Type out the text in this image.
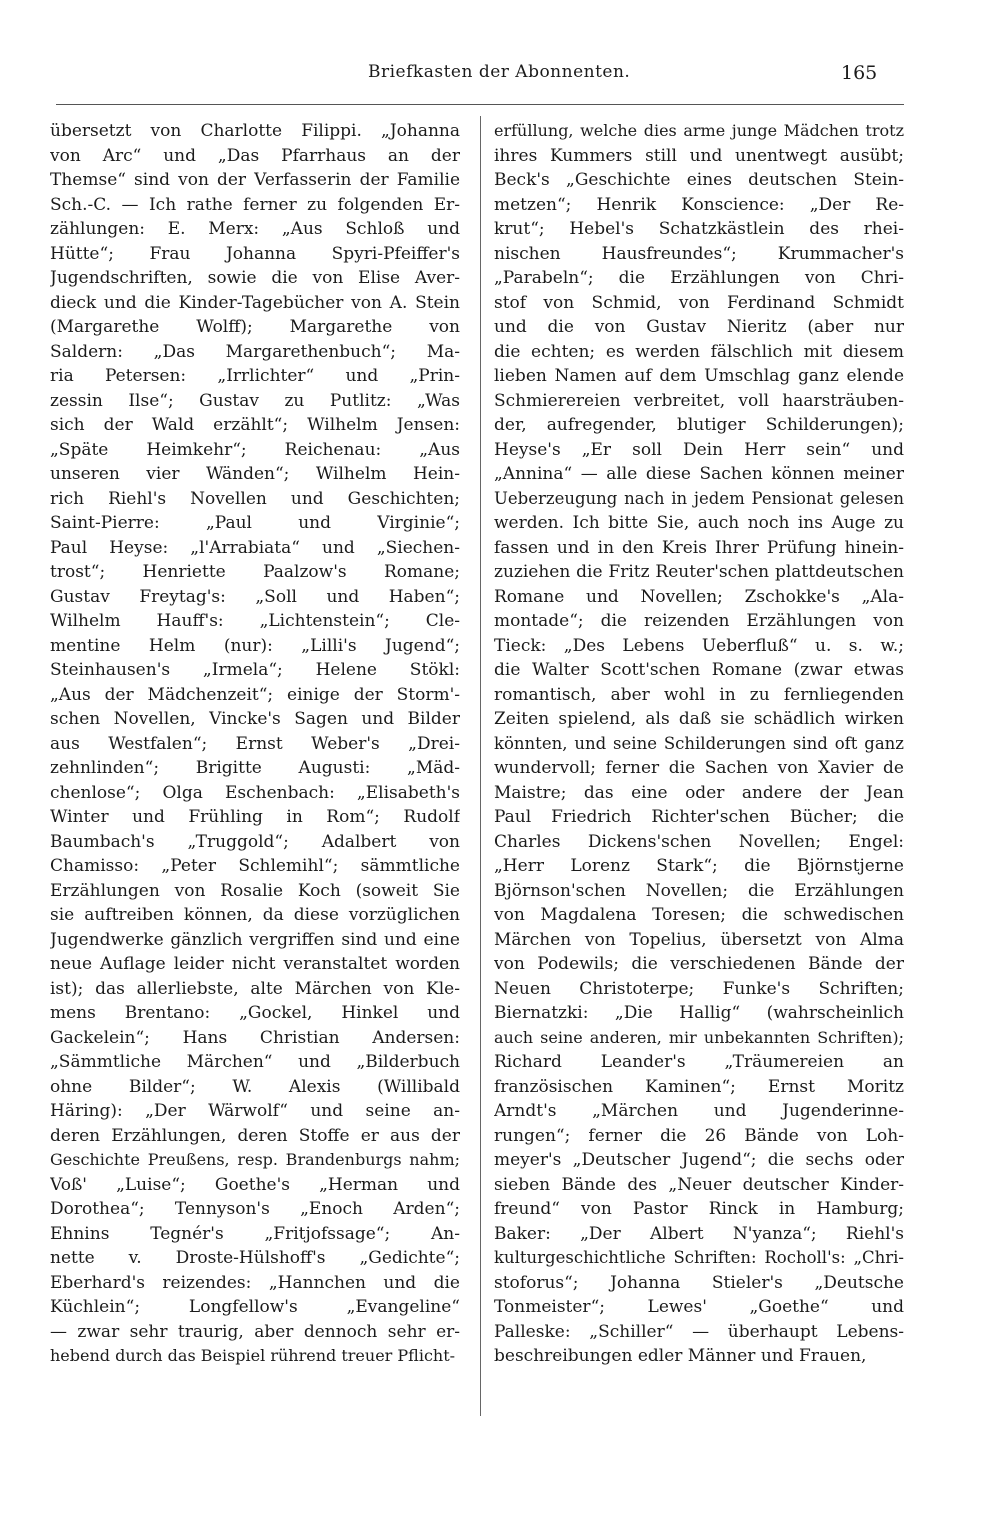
Briefkasten der Abonnenten.	165
übersetzt von Charlotte Filippi. „Johanna
von Arc“ und „Das Pfarrhaus an der
Themse“ sind von der Verfasserin der Familie
Sch.-C. — Ich rathe ferner zu folgenden Er-
zählungen: E. Merx: „Aus Schloß und
Hütte“; Frau Johanna Spyri-Pfeiffer's
Jugendschriften, sowie die von Elise Aver-
dieck und die Kinder-Tagebücher von A. Stein
(Margarethe Wolff); Margarethe von
Saldern: „Das Margarethenbuch“; Ma-
ria Petersen: „Irrlichter“ und „Prin-
zessin Ilse“; Gustav zu Putlitz: „Was
sich der Wald erzählt“; Wilhelm Jensen:
„Späte Heimkehr“; Reichenau: „Aus
unseren vier Wänden“; Wilhelm Hein-
rich Riehl's Novellen und Geschichten;
Saint-Pierre: „Paul und Virginie“;
Paul Heyse: „l'Arrabiata“ und „Siechen-
trost“; Henriette Paalzow's Romane;
Gustav Freytag's: „Soll und Haben“;
Wilhelm Hauff's: „Lichtenstein“; Cle-
mentine Helm (nur): „Lilli's Jugend“;
Steinhausen's „Irmela“; Helene Stökl:
„Aus der Mädchenzeit“; einige der Storm'-
schen Novellen, Vincke's Sagen und Bilder
aus Westfalen“; Ernst Weber's „Drei-
zehnlinden“; Brigitte Augusti: „Mäd-
chenlose“; Olga Eschenbach: „Elisabeth's
Winter und Frühling in Rom“; Rudolf
Baumbach's „Truggold“; Adalbert von
Chamisso: „Peter Schlemihl“; sämmtliche
Erzählungen von Rosalie Koch (soweit Sie
sie auftreiben können, da diese vorzüglichen
Jugendwerke gänzlich vergriffen sind und eine
neue Auflage leider nicht veranstaltet worden
ist); das allerliebste, alte Märchen von Kle-
mens Brentano: „Gockel, Hinkel und
Gackelein“; Hans Christian Andersen:
„Sämmtliche Märchen“ und „Bilderbuch
ohne Bilder“; W. Alexis (Willibald
Häring): „Der Wärwolf“ und seine an-
deren Erzählungen, deren Stoffe er aus der
Geschichte Preußens, resp. Brandenburgs nahm;
Voß' „Luise“; Goethe's „Herman und
Dorothea“; Tennyson's „Enoch Arden“;
Ehnins Tegnér's „Fritjofssage“; An-
nette v. Droste-Hülshoff's „Gedichte“;
Eberhard's reizendes: „Hannchen und die
Küchlein“; Longfellow's „Evangeline“
— zwar sehr traurig, aber dennoch sehr er-
hebend durch das Beispiel rührend treuer Pflicht-
erfüllung, welche dies arme junge Mädchen trotz
ihres Kummers still und unentwegt ausübt;
Beck's „Geschichte eines deutschen Stein-
metzen“; Henrik Konscience: „Der Re-
krut“; Hebel's Schatzkästlein des rhei-
nischen Hausfreundes“; Krummacher's
„Parabeln“; die Erzählungen von Chri-
stof von Schmid, von Ferdinand Schmidt
und die von Gustav Nieritz (aber nur
die echten; es werden fälschlich mit diesem
lieben Namen auf dem Umschlag ganz elende
Schmierereien verbreitet, voll haarsträuben-
der, aufregender, blutiger Schilderungen);
Heyse's „Er soll Dein Herr sein“ und
„Annina“ — alle diese Sachen können meiner
Ueberzeugung nach in jedem Pensionat gelesen
werden. Ich bitte Sie, auch noch ins Auge zu
fassen und in den Kreis Ihrer Prüfung hinein-
zuziehen die Fritz Reuter'schen plattdeutschen
Romane und Novellen; Zschokke's „Ala-
montade“; die reizenden Erzählungen von
Tieck: „Des Lebens Ueberfluß“ u. s. w.;
die Walter Scott'schen Romane (zwar etwas
romantisch, aber wohl in zu fernliegenden
Zeiten spielend, als daß sie schädlich wirken
könnten, und seine Schilderungen sind oft ganz
wundervoll; ferner die Sachen von Xavier de
Maistre; das eine oder andere der Jean
Paul Friedrich Richter'schen Bücher; die
Charles Dickens'schen Novellen; Engel:
„Herr Lorenz Stark“; die Björnstjerne
Björnson'schen Novellen; die Erzählungen
von Magdalena Toresen; die schwedischen
Märchen von Topelius, übersetzt von Alma
von Podewils; die verschiedenen Bände der
Neuen Christoterpe; Funke's Schriften;
Biernatzki: „Die Hallig“ (wahrscheinlich
auch seine anderen, mir unbekannten Schriften);
Richard Leander's „Träumereien an
französischen Kaminen“; Ernst Moritz
Arndt's „Märchen und Jugenderinne-
rungen“; ferner die 26 Bände von Loh-
meyer's „Deutscher Jugend“; die sechs oder
sieben Bände des „Neuer deutscher Kinder-
freund“ von Pastor Rinck in Hamburg;
Baker: „Der Albert N'yanza“; Riehl's
kulturgeschichtliche Schriften: Rocholl's: „Chri-
stoforus“; Johanna Stieler's „Deutsche
Tonmeister“; Lewes' „Goethe“ und
Palleske: „Schiller“ — überhaupt Lebens-
beschreibungen edler Männer und Frauen,
